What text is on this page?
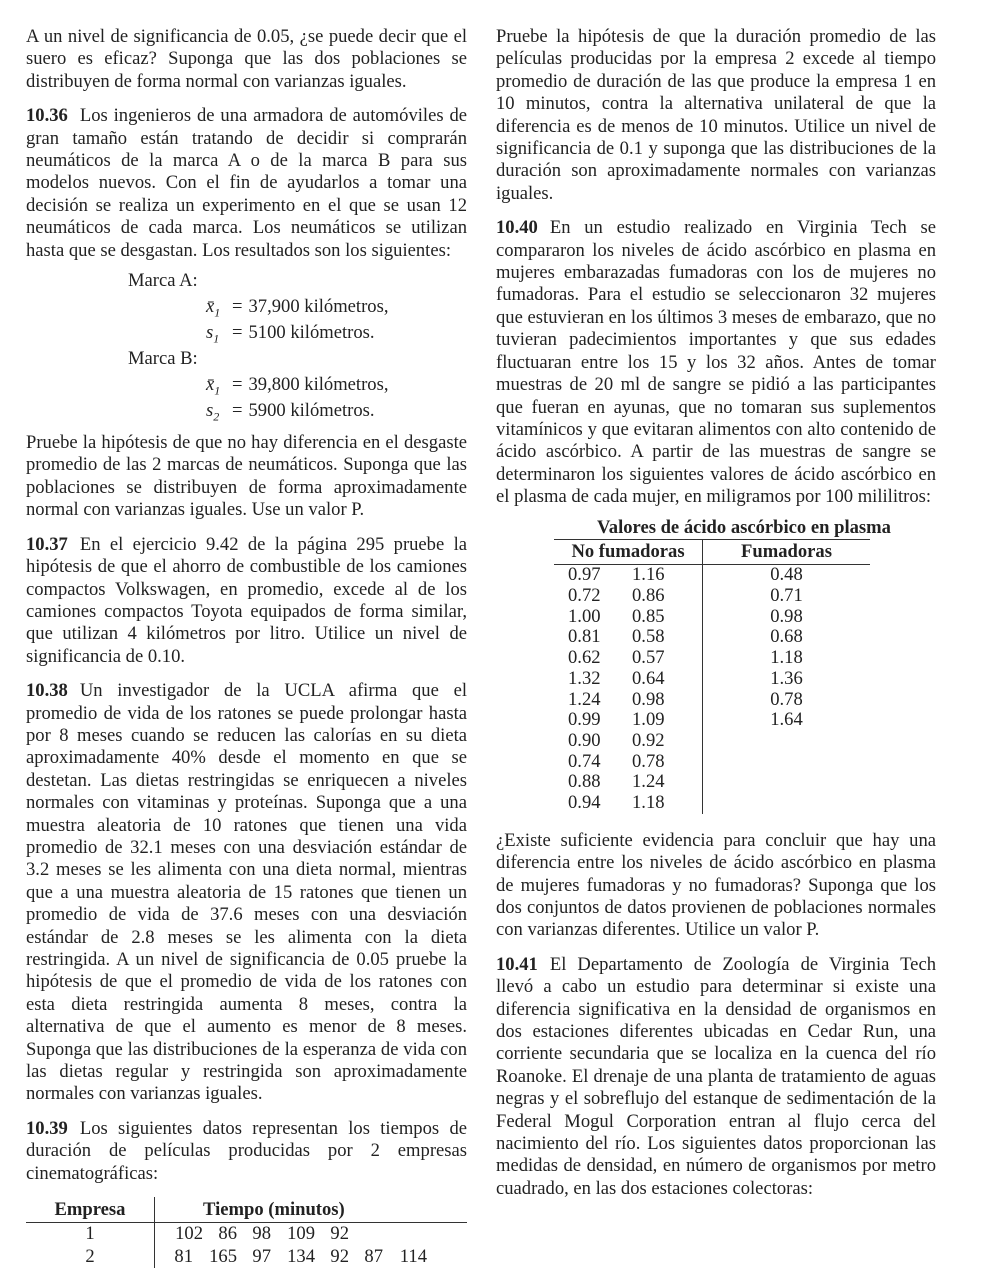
A un nivel de significancia de 0.05, ¿se puede decir que el suero es eficaz? Suponga que las dos poblaciones se distribuyen de forma normal con varianzas iguales.

10.36 Los ingenieros de una armadora de automóviles de gran tamaño están tratando de decidir si comprarán neumáticos de la marca A o de la marca B para sus modelos nuevos. Con el fin de ayudarlos a tomar una decisión se realiza un experimento en el que se usan 12 neumáticos de cada marca. Los neumáticos se utilizan hasta que se desgastan. Los resultados son los siguientes:

Marca A:
$x̄_1 = 37,900$ kilómetros,
$s_1 = 5100$ kilómetros.
Marca B:
$x̄_1 = 39,800$ kilómetros,
$s_2 = 5900$ kilómetros.

Pruebe la hipótesis de que no hay diferencia en el desgaste promedio de las 2 marcas de neumáticos. Suponga que las poblaciones se distribuyen de forma aproximadamente normal con varianzas iguales. Use un valor P.

10.37 En el ejercicio 9.42 de la página 295 pruebe la hipótesis de que el ahorro de combustible de los camiones compactos Volkswagen, en promedio, excede al de los camiones compactos Toyota equipados de forma similar, que utilizan 4 kilómetros por litro. Utilice un nivel de significancia de 0.10.

10.38 Un investigador de la UCLA afirma que el promedio de vida de los ratones se puede prolongar hasta por 8 meses cuando se reducen las calorías en su dieta aproximadamente 40% desde el momento en que se destetan. Las dietas restringidas se enriquecen a niveles normales con vitaminas y proteínas. Suponga que a una muestra aleatoria de 10 ratones que tienen una vida promedio de 32.1 meses con una desviación estándar de 3.2 meses se les alimenta con una dieta normal, mientras que a una muestra aleatoria de 15 ratones que tienen un promedio de vida de 37.6 meses con una desviación estándar de 2.8 meses se les alimenta con la dieta restringida. A un nivel de significancia de 0.05 pruebe la hipótesis de que el promedio de vida de los ratones con esta dieta restringida aumenta 8 meses, contra la alternativa de que el aumento es menor de 8 meses. Suponga que las distribuciones de la esperanza de vida con las dietas regular y restringida son aproximadamente normales con varianzas iguales.

10.39 Los siguientes datos representan los tiempos de duración de películas producidas por 2 empresas cinematográficas:

Empresa	Tiempo (minutos)
1	102 86 98 109 92
2	81 165 97 134 92 87 114

Pruebe la hipótesis de que la duración promedio de las películas producidas por la empresa 2 excede al tiempo promedio de duración de las que produce la empresa 1 en 10 minutos, contra la alternativa unilateral de que la diferencia es de menos de 10 minutos. Utilice un nivel de significancia de 0.1 y suponga que las distribuciones de la duración son aproximadamente normales con varianzas iguales.

10.40 En un estudio realizado en Virginia Tech se compararon los niveles de ácido ascórbico en plasma en mujeres embarazadas fumadoras con los de mujeres no fumadoras. Para el estudio se seleccionaron 32 mujeres que estuvieran en los últimos 3 meses de embarazo, que no tuvieran padecimientos importantes y que sus edades fluctuaran entre los 15 y los 32 años. Antes de tomar muestras de 20 ml de sangre se pidió a las participantes que fueran en ayunas, que no tomaran sus suplementos vitamínicos y que evitaran alimentos con alto contenido de ácido ascórbico. A partir de las muestras de sangre se determinaron los siguientes valores de ácido ascórbico en el plasma de cada mujer, en miligramos por 100 mililitros:

Valores de ácido ascórbico en plasma
No fumadoras	Fumadoras
0.97 1.16	0.48
0.72 0.86	0.71
1.00 0.85	0.98
0.81 0.58	0.68
0.62 0.57	1.18
1.32 0.64	1.36
1.24 0.98	0.78
0.99 1.09	1.64
0.90 0.92	
0.74 0.78	
0.88 1.24	
0.94 1.18	

¿Existe suficiente evidencia para concluir que hay una diferencia entre los niveles de ácido ascórbico en plasma de mujeres fumadoras y no fumadoras? Suponga que los dos conjuntos de datos provienen de poblaciones normales con varianzas diferentes. Utilice un valor P.

10.41 El Departamento de Zoología de Virginia Tech llevó a cabo un estudio para determinar si existe una diferencia significativa en la densidad de organismos en dos estaciones diferentes ubicadas en Cedar Run, una corriente secundaria que se localiza en la cuenca del río Roanoke. El drenaje de una planta de tratamiento de aguas negras y el sobreflujo del estanque de sedimentación de la Federal Mogul Corporation entran al flujo cerca del nacimiento del río. Los siguientes datos proporcionan las medidas de densidad, en número de organismos por metro cuadrado, en las dos estaciones colectoras:
